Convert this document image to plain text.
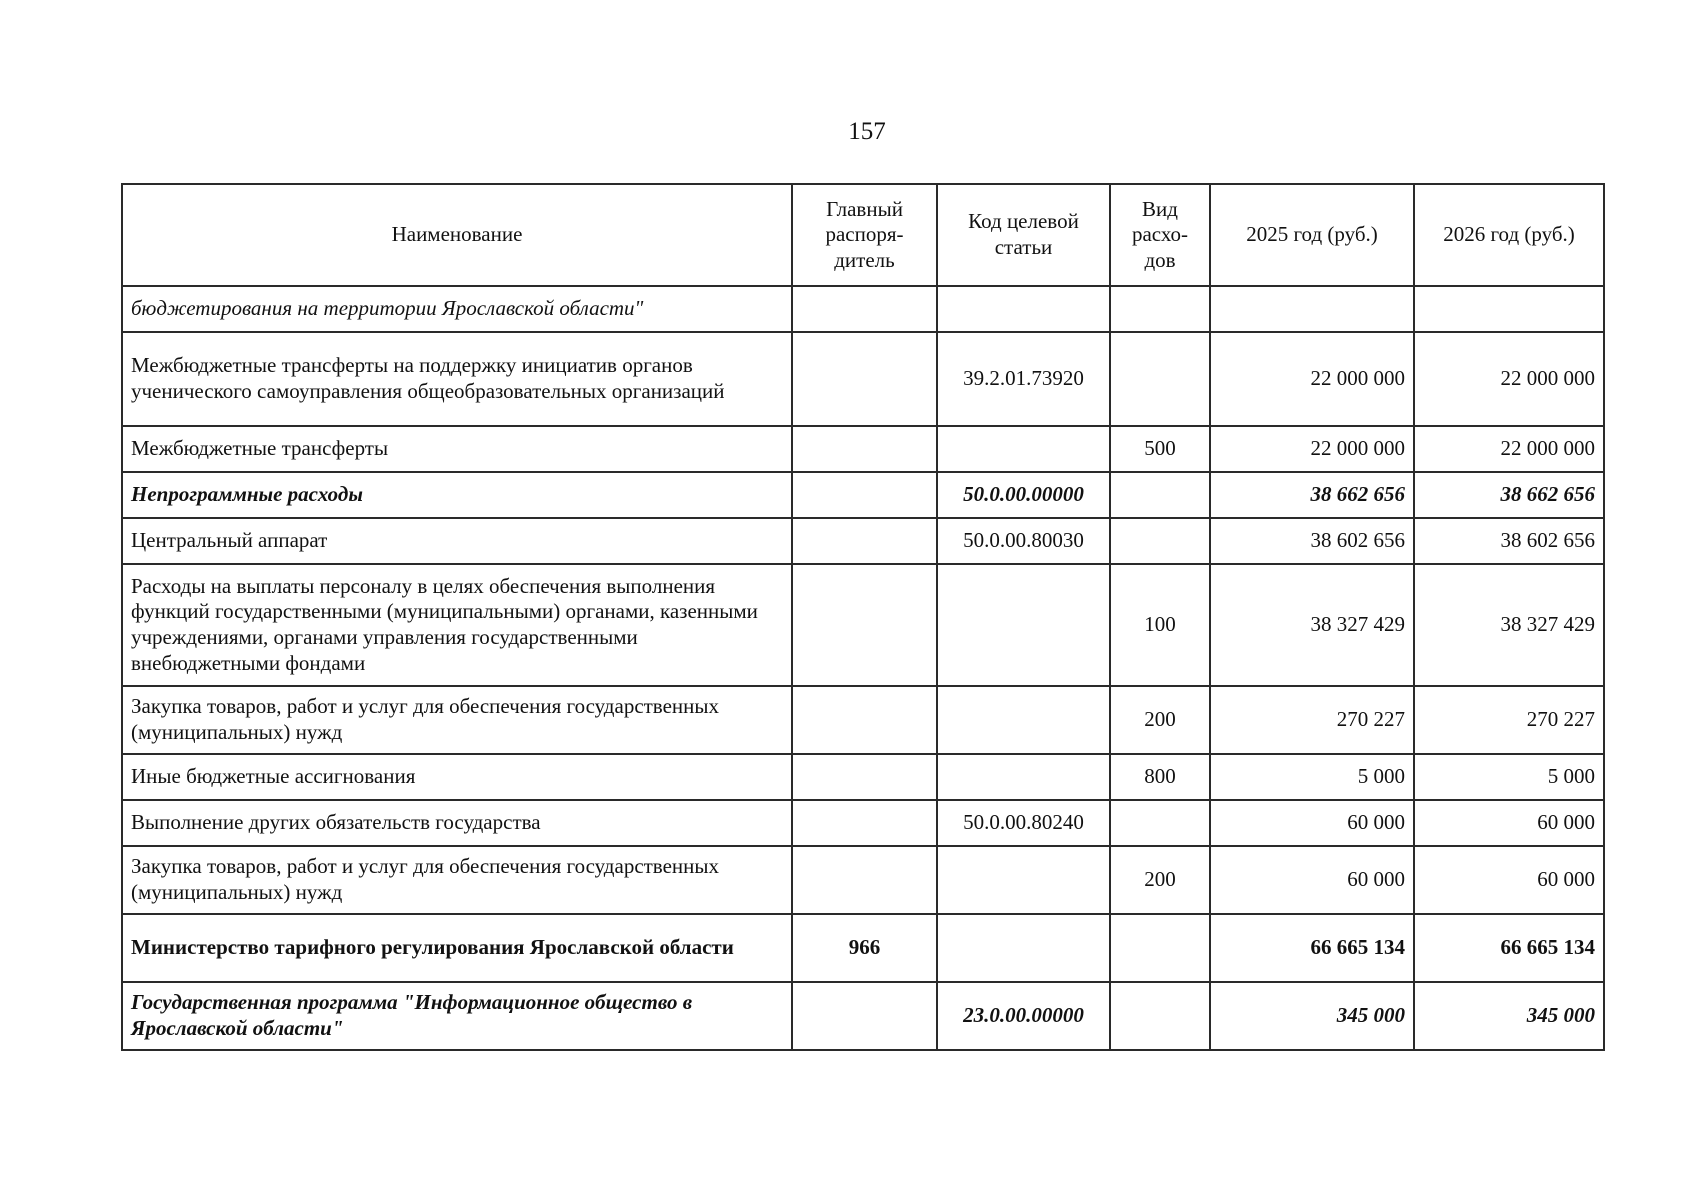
157
Наименование	Главный распоря-дитель	Код целевой статьи	Вид расхо-дов	2025 год (руб.)	2026 год (руб.)
бюджетирования на территории Ярославской области"					
Межбюджетные трансферты на поддержку инициатив органов ученического самоуправления общеобразовательных организаций		39.2.01.73920		22 000 000	22 000 000
Межбюджетные трансферты			500	22 000 000	22 000 000
Непрограммные расходы		50.0.00.00000		38 662 656	38 662 656
Центральный аппарат		50.0.00.80030		38 602 656	38 602 656
Расходы на выплаты персоналу в целях обеспечения выполнения функций государственными (муниципальными) органами, казенными учреждениями, органами управления государственными внебюджетными фондами			100	38 327 429	38 327 429
Закупка товаров, работ и услуг для обеспечения государственных (муниципальных) нужд			200	270 227	270 227
Иные бюджетные ассигнования			800	5 000	5 000
Выполнение других обязательств государства		50.0.00.80240		60 000	60 000
Закупка товаров, работ и услуг для обеспечения государственных (муниципальных) нужд			200	60 000	60 000
Министерство тарифного регулирования Ярославской области	966			66 665 134	66 665 134
Государственная программа "Информационное общество в Ярославской области"		23.0.00.00000		345 000	345 000
